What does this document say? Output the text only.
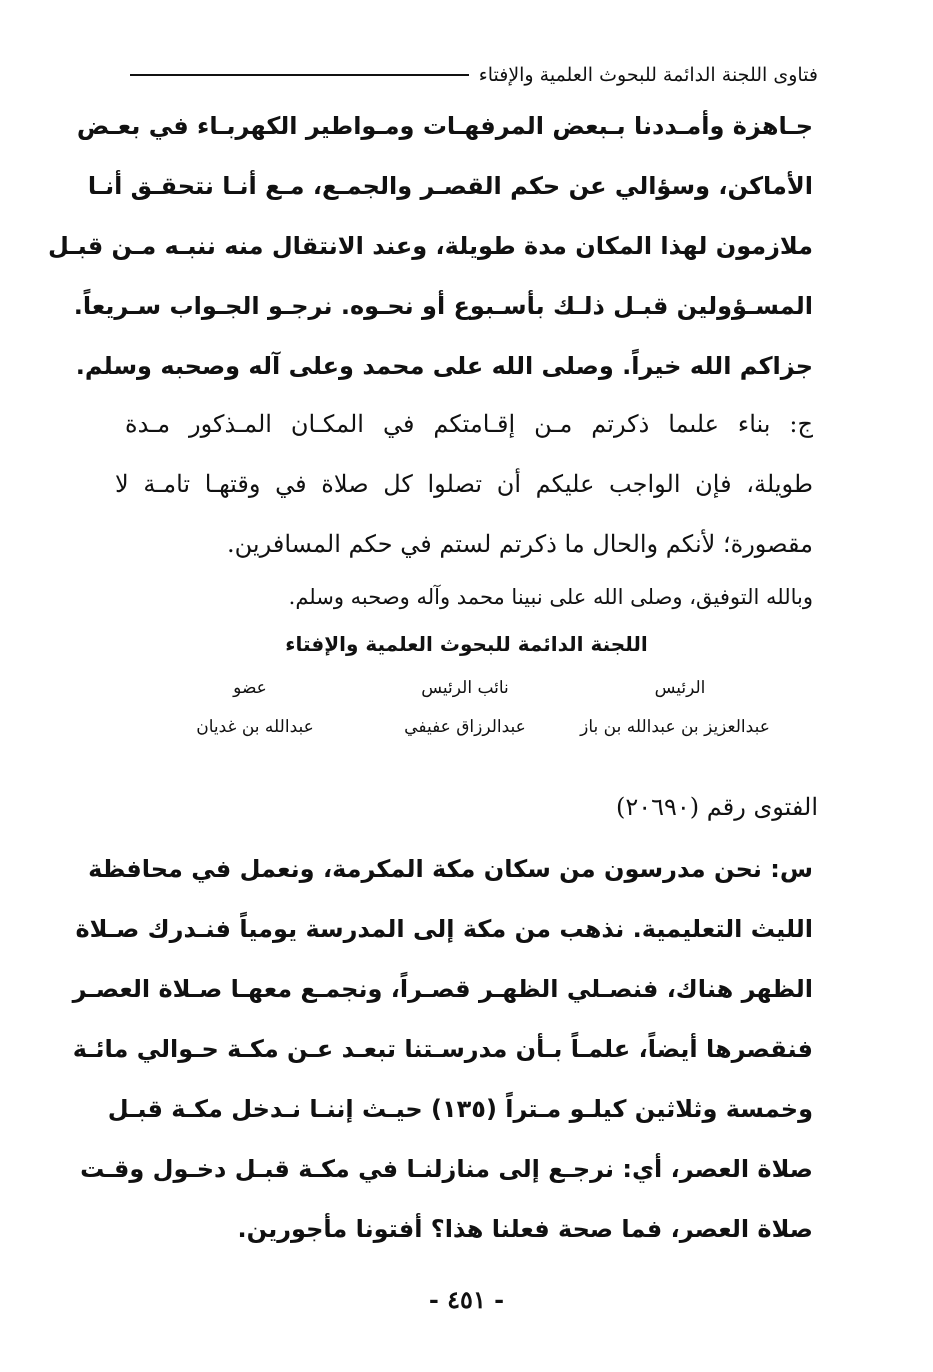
فتاوى اللجنة الدائمة للبحوث العلمية والإفتاء
جـاهزة وأمـددنا بـبعض المرفهـات ومـواطير الكهربـاء في بعـض
الأماكن، وسؤالي عن حكم القصـر والجمـع، مـع أنـا نتحقـق أنـا
ملازمون لهذا المكان مدة طويلة، وعند الانتقال منه ننبـه مـن قبـل
المسـؤولين قبـل ذلـك بأسـبوع أو نحـوه. نرجـو الجـواب سـريعاً.
جزاكم الله خيراً. وصلى الله على محمد وعلى آله وصحبه وسلم.
ج: بناء علىما ذكرتم مـن إقـامتكم في المكـان المـذكور مـدة
طويلة، فإن الواجب عليكم أن تصلوا كل صلاة في وقتهـا تامـة لا
مقصورة؛ لأنكم والحال ما ذكرتم لستم في حكم المسافرين.
وبالله التوفيق، وصلى الله على نبينا محمد وآله وصحبه وسلم.
اللجنة الدائمة للبحوث العلمية والإفتاء
الرئيس
نائب الرئيس
عضو
عبدالعزيز بن عبدالله بن باز
عبدالرزاق عفيفي
عبدالله بن غديان
الفتوى رقم (٢٠٦٩٠)
س: نحن مدرسون من سكان مكة المكرمة، ونعمل في محافظة
الليث التعليمية. نذهب من مكة إلى المدرسة يومياً فنـدرك صـلاة
الظهر هناك، فنصـلي الظهـر قصـراً، ونجمـع معهـا صـلاة العصـر
فنقصرها أيضاً، علمـاً بـأن مدرسـتنا تبعـد عـن مكـة حـوالي مائـة
وخمسة وثلاثين كيلـو مـتراً (١٣٥) حيـث إننـا نـدخل مكـة قبـل
صلاة العصر، أي: نرجـع إلى منازلنـا في مكـة قبـل دخـول وقـت
صلاة العصر، فما صحة فعلنا هذا؟ أفتونا مأجورين.
- ٤٥١ -
